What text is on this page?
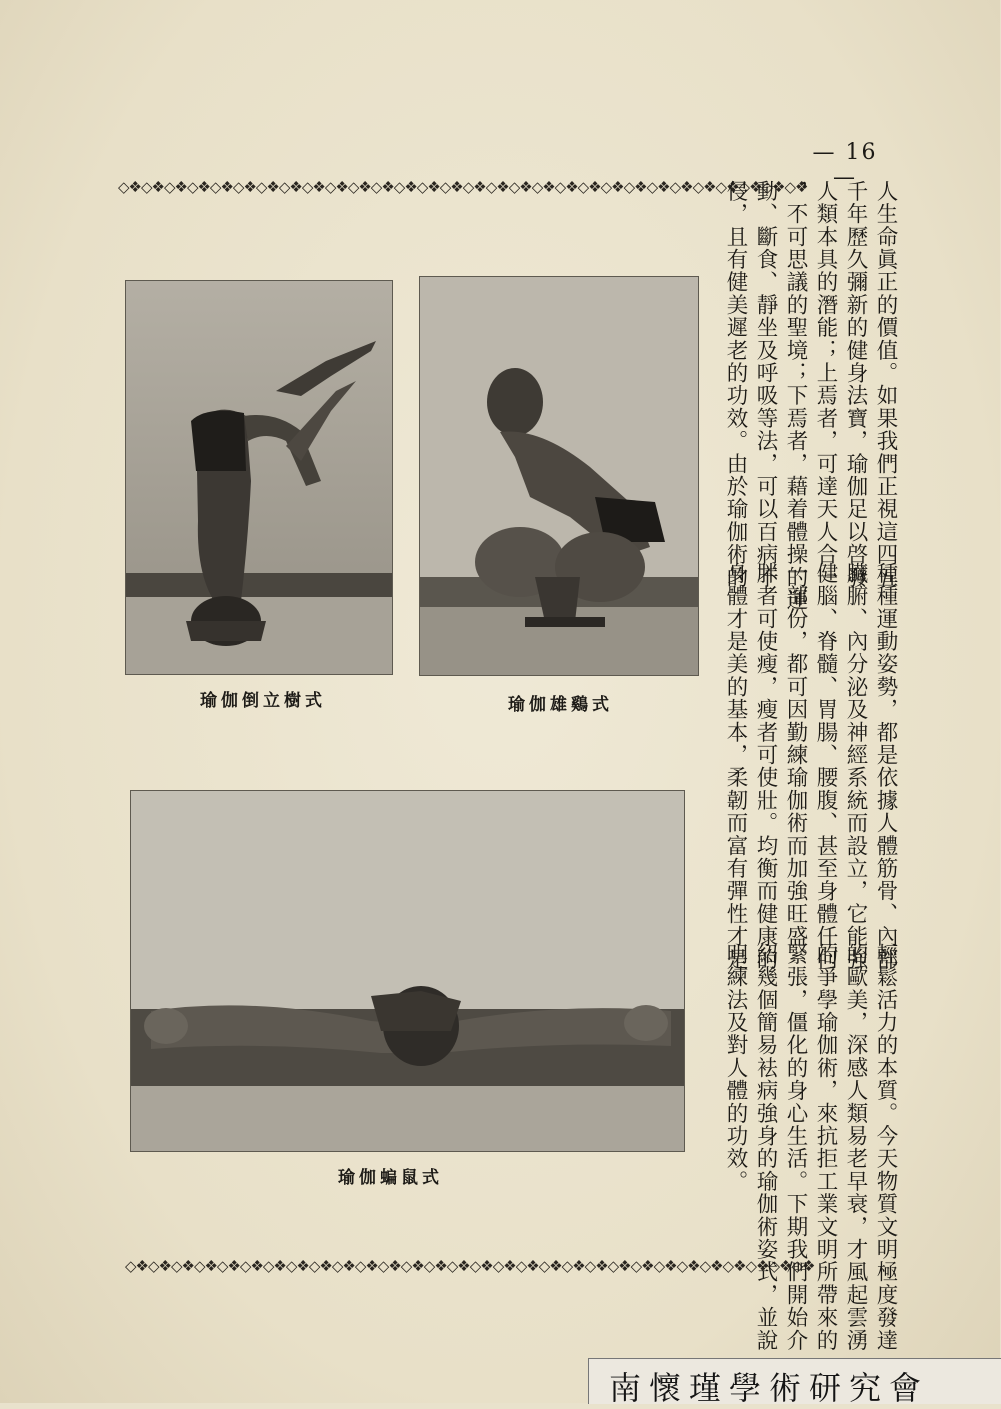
— 16 —
◇❖◇❖◇❖◇❖◇❖◇❖◇❖◇❖◇❖◇❖◇❖◇❖◇❖◇❖◇❖◇❖◇❖◇❖◇❖◇❖◇❖◇❖◇❖◇❖◇❖◇❖◇❖◇❖◇❖◇❖
◇❖◇❖◇❖◇❖◇❖◇❖◇❖◇❖◇❖◇❖◇❖◇❖◇❖◇❖◇❖◇❖◇❖◇❖◇❖◇❖◇❖◇❖◇❖◇❖◇❖◇❖◇❖◇❖◇❖◇❖

人生命眞正的價值。如果我們正視這四五

千年歷久彌新的健身法寶，瑜伽足以啓發

人類本具的潛能；上焉者，可達天人合一

，不可思議的聖境；下焉者，藉着體操的運

動、斷食、靜坐及呼吸等法，可以百病不

侵，且有健美遲老的功效。由於瑜伽術的

種種運動姿勢，都是依據人體筋骨、內部

臟腑、內分泌及神經系統而設立，它能強

健腦、脊髓、胃腸、腰腹、甚至身體任何

一部份，都可因勤練瑜伽術而加強旺盛。

胖者可使瘦，瘦者可使壯。均衡而健康的

身體才是美的基本，柔韌而富有彈性才是

輕鬆活力的本質。今天物質文明極度發達

的歐美，深感人類易老早衰，才風起雲湧

的爭學瑜伽術，來抗拒工業文明所帶來的

緊張，僵化的身心生活。下期我們開始介

紹幾個簡易袪病強身的瑜伽術姿式，並說

明練法及對人體的功效。

瑜伽倒立樹式	瑜伽雄鷄式
瑜伽蝙鼠式
南懷瑾學術研究會
